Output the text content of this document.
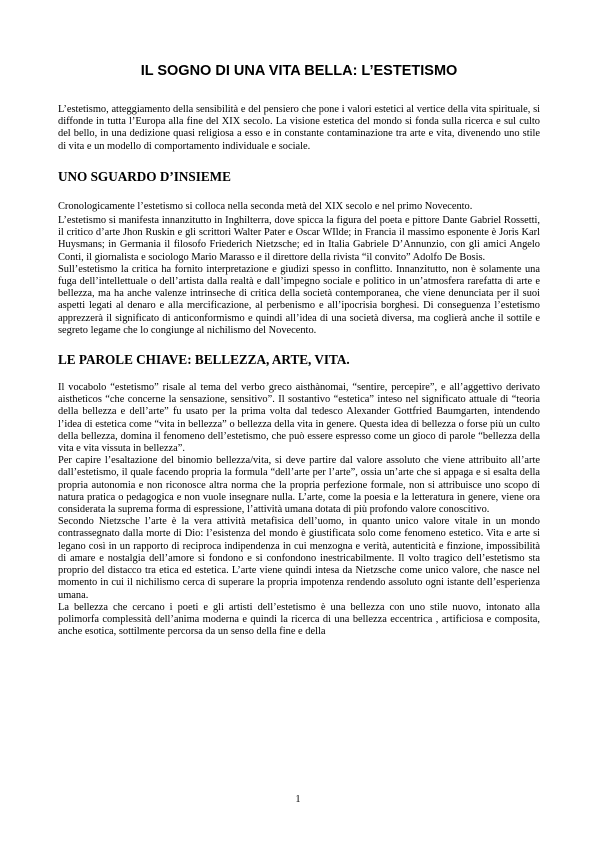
IL SOGNO DI UNA VITA BELLA: L’ESTETISMO

L’estetismo, atteggiamento della sensibilità e del pensiero che pone i valori estetici al vertice della vita spirituale, si diffonde in tutta l’Europa alla fine del XIX secolo. La visione estetica del mondo si fonda sulla ricerca e sul culto del bello, in una dedizione quasi religiosa a esso e in constante contaminazione tra arte e vita, divenendo uno stile di vita e un modello di comportamento individuale e sociale.

UNO SGUARDO D’INSIEME

Cronologicamente l’estetismo si colloca nella seconda metà del XIX secolo e nel primo Novecento.

L’estetismo si manifesta innanzitutto in Inghilterra, dove spicca la figura del poeta e pittore Dante Gabriel Rossetti, il critico d’arte Jhon Ruskin e gli scrittori Walter Pater e Oscar WIlde; in Francia il massimo esponente è Joris Karl Huysmans; in Germania il filosofo Friederich Nietzsche; ed in Italia Gabriele D’Annunzio, con gli amici Angelo Conti, il giornalista e sociologo Mario Marasso e il direttore della rivista “il convito” Adolfo De Bosis.

Sull’estetismo la critica ha fornito interpretazione e giudizi spesso in conflitto. Innanzitutto, non è solamente una fuga dell’intellettuale o dell’artista dalla realtà e dall’impegno sociale e politico in un’atmosfera rarefatta di arte e bellezza, ma ha anche valenze intrinseche di critica della società contemporanea, che viene denunciata per il suoi aspetti legati al denaro e alla mercificazione, al perbenismo e all’ipocrisia borghesi. Di conseguenza l’estetismo apprezzerà il significato di anticonformismo e quindi all’idea di una società diversa, ma coglierà anche il sottile e segreto legame che lo congiunge al nichilismo del Novecento.

LE PAROLE CHIAVE: BELLEZZA, ARTE, VITA.

Il vocabolo “estetismo” risale al tema del verbo greco aisthànomai, “sentire, percepire”, e all’aggettivo derivato aisthetìcos “che concerne la sensazione, sensitivo”. Il sostantivo “estetica” inteso nel significato attuale di “teoria della bellezza e dell’arte” fu usato per la prima volta dal tedesco Alexander Gottfried Baumgarten, intendendo l’idea di estetica come “vita in bellezza” o bellezza della vita in genere. Questa idea di bellezza o forse più un culto della bellezza, domina il fenomeno dell’estetismo, che può essere espresso come un gioco di parole “bellezza della vita e vita vissuta in bellezza”.

Per capire l’esaltazione del binomio bellezza/vita, si deve partire dal valore assoluto che viene attribuito all’arte dall’estetismo, il quale facendo propria la formula “dell’arte per l’arte”, ossia un’arte che si appaga e si esalta della propria autonomia e non riconosce altra norma che la propria perfezione formale, non si attribuisce uno scopo di natura pratica o pedagogica e non vuole insegnare nulla. L’arte, come la poesia e la letteratura in genere, viene ora considerata la suprema forma di espressione, l’attività umana dotata di più profondo valore conoscitivo.

Secondo Nietzsche l’arte è la vera attività metafisica dell’uomo, in quanto unico valore vitale in un mondo contrassegnato dalla morte di Dio: l’esistenza del mondo è giustificata solo come fenomeno estetico. Vita e arte si legano così in un rapporto di reciproca indipendenza in cui menzogna e verità, autenticità e finzione, impossibilità di amare e nostalgia dell’amore si fondono e si confondono inestricabilmente. Il volto tragico dell’estetismo sta proprio del distacco tra etica ed estetica. L’arte viene quindi intesa da Nietzsche come unico valore, che nasce nel momento in cui il nichilismo cerca di superare la propria impotenza rendendo assoluto ogni istante dell’esperienza umana.

La bellezza che cercano i poeti e gli artisti dell’estetismo è una bellezza con uno stile nuovo, intonato alla polimorfa complessità dell’anima moderna e quindi la ricerca di una bellezza eccentrica , artificiosa e composita, anche esotica, sottilmente percorsa da un senso della fine e della

1
